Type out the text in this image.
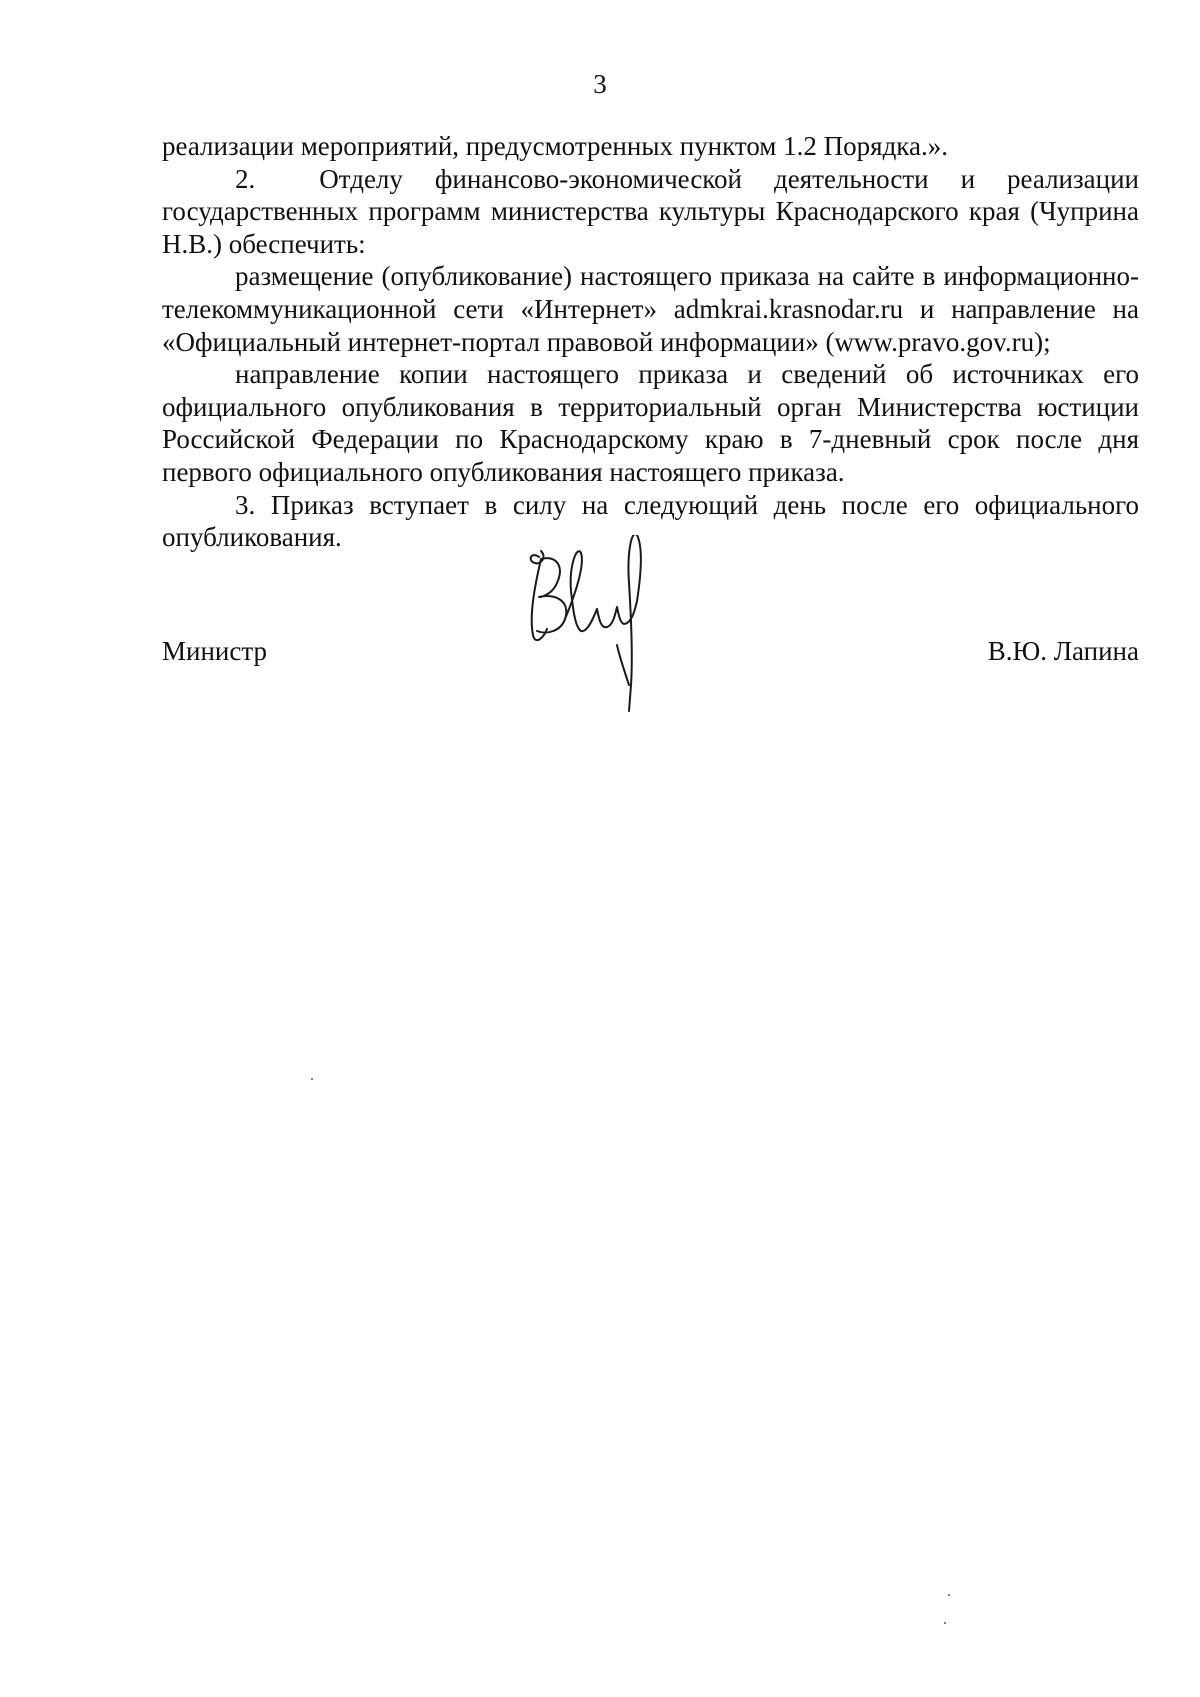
3

реализации мероприятий, предусмотренных пунктом 1.2 Порядка.».

2.  Отделу финансово-экономической деятельности и реализации государственных программ министерства культуры Краснодарского края (Чуприна Н.В.) обеспечить:

размещение (опубликование) настоящего приказа на сайте в информационно-телекоммуникационной сети «Интернет» admkrai.krasnodar.ru и направление на «Официальный интернет-портал правовой информации» (www.pravo.gov.ru);

направление копии настоящего приказа и сведений об источниках его официального опубликования в территориальный орган Министерства юстиции Российской Федерации по Краснодарскому краю в 7-дневный срок после дня первого официального опубликования настоящего приказа.

3. Приказ вступает в силу на следующий день после его официального опубликования.

Министр	В.Ю. Лапина
